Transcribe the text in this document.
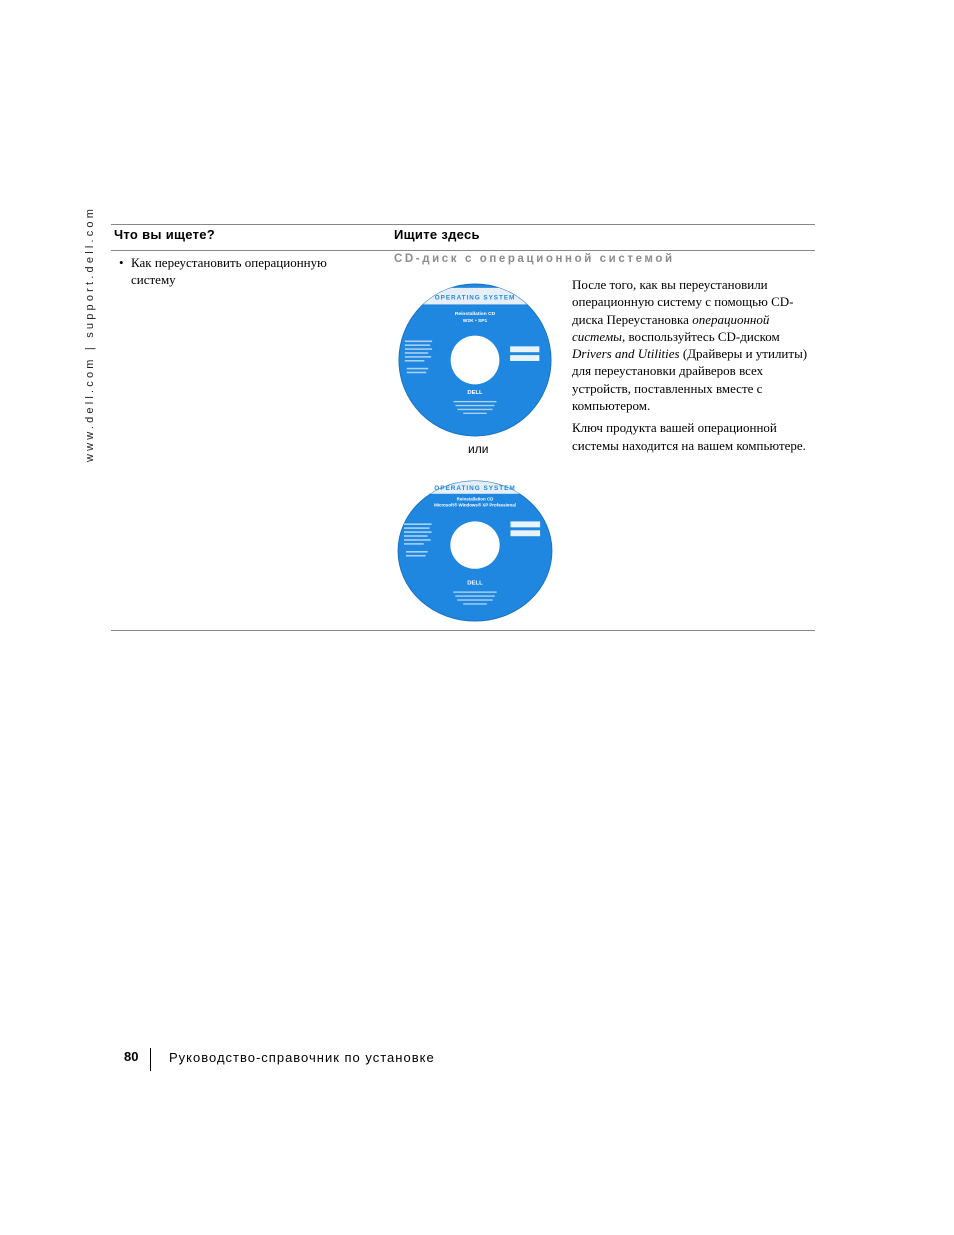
www.dell.com | support.dell.com Что вы ищете?	Ищите здесь
• Как переустановить операционную систему
CD-диск с операционной системой
OPERATING SYSTEM
Reinstallation CD
W2K • SP1
DELL
или
OPERATING SYSTEM
Reinstallation CD
Microsoft® Windows® XP Professional
DELL

После того, как вы переустановили операционную систему с помощью CD-диска Переустановка операционной системы, воспользуйтесь CD-диском Drivers and Utilities (Драйверы и утилиты) для переустановки драйверов всех устройств, поставленных вместе с компьютером.

Ключ продукта вашей операционной системы находится на вашем компьютере.

80 Руководство-справочник по установке
